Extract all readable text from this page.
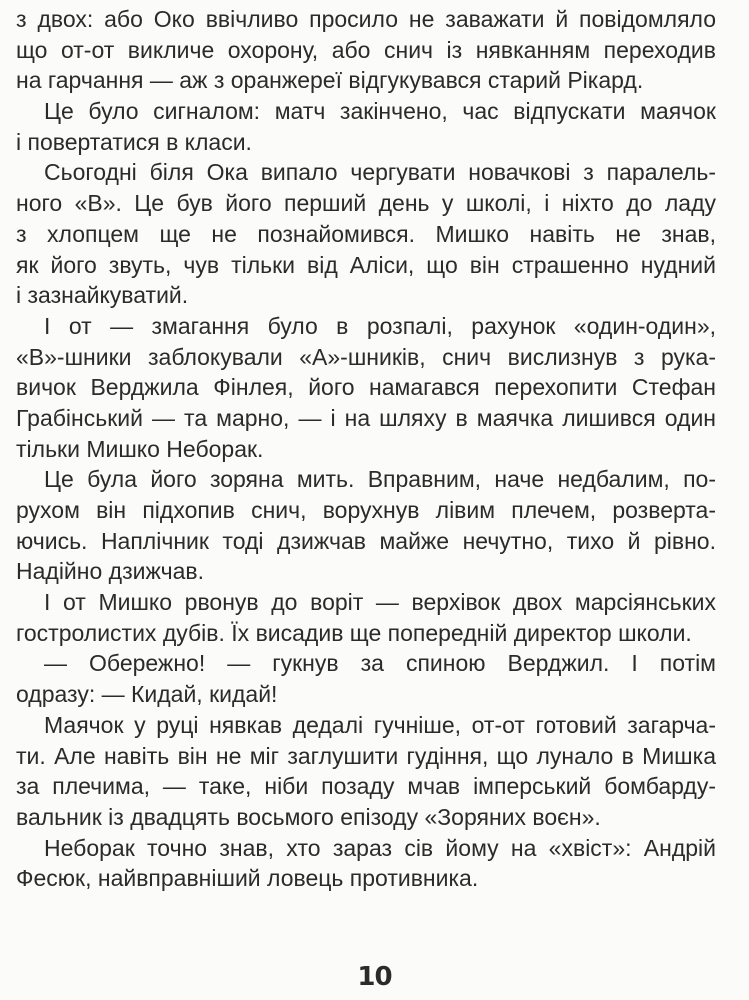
з двох: або Око ввічливо просило не заважати й повідомляло
що от-от викличе охорону, або снич із нявканням переходив
на гарчання — аж з оранжереї відгукувався старий Рікард.
Це було сигналом: матч закінчено, час відпускати маячок
і повертатися в класи.
Сьогодні біля Ока випало чергувати новачкові з паралель-
ного «В». Це був його перший день у школі, і ніхто до ладу
з хлопцем ще не познайомився. Мишко навіть не знав,
як його звуть, чув тільки від Аліси, що він страшенно нудний
і зазнайкуватий.
І от — змагання було в розпалі, рахунок «один-один»,
«В»-шники заблокували «А»-шників, снич вислизнув з рука-
вичок Верджила Фінлея, його намагався перехопити Стефан
Грабінський — та марно, — і на шляху в маячка лишився один
тільки Мишко Неборак.
Це була його зоряна мить. Вправним, наче недбалим, по-
рухом він підхопив снич, ворухнув лівим плечем, розверта-
ючись. Наплічник тоді дзижчав майже нечутно, тихо й рівно.
Надійно дзижчав.
І от Мишко рвонув до воріт — верхівок двох марсіянських
гостролистих дубів. Їх висадив ще попередній директор школи.
— Обережно! — гукнув за спиною Верджил. І потім
одразу: — Кидай, кидай!
Маячок у руці нявкав дедалі гучніше, от-от готовий загарча-
ти. Але навіть він не міг заглушити гудіння, що лунало в Мишка
за плечима, — таке, ніби позаду мчав імперський бомбарду-
вальник із двадцять восьмого епізоду «Зоряних воєн».
Неборак точно знав, хто зараз сів йому на «хвіст»: Андрій
Фесюк, найвправніший ловець противника.
10
